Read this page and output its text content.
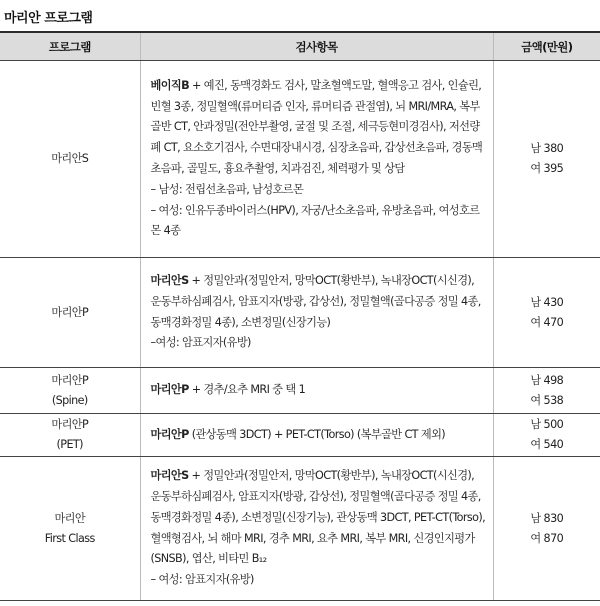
마리안 프로그램
프로그램	검사항목	금액(만원)

마리안S	베이직B + 예진, 동맥경화도 검사, 말초혈액도말, 혈액응고 검사, 인슐린, 빈혈 3종, 정밀혈액(류머티즘 인자, 류머티즘 관절염), 뇌 MRI/MRA, 복부골반 CT, 안과정밀(전안부촬영, 굴절 및 조절, 세극등현미경검사), 저선량 폐 CT, 요소호기검사, 수면대장내시경, 심장초음파, 갑상선초음파, 경동맥초음파, 골밀도, 흉요추촬영, 치과검진, 체력평가 및 상담
– 남성: 전립선초음파, 남성호르몬
– 여성: 인유두종바이러스(HPV), 자궁/난소초음파, 유방초음파, 여성호르몬 4종	남 380
여 395

마리안P	마리안S + 정밀안과(정밀안저, 망막OCT(황반부), 녹내장OCT(시신경), 운동부하심폐검사, 암표지자(방광, 갑상선), 정밀혈액(골다공증 정밀 4종, 동맥경화정밀 4종), 소변정밀(신장기능)
–여성: 암표지자(유방)	남 430
여 470

마리안P
(Spine)	마리안P + 경추/요추 MRI 중 택 1	남 498
여 538

마리안P
(PET)	마리안P (관상동맥 3DCT) + PET-CT(Torso) (복부골반 CT 제외)	남 500
여 540

마리안
First Class	마리안S + 정밀안과(정밀안저, 망막OCT(황반부), 녹내장OCT(시신경), 운동부하심폐검사, 암표지자(방광, 갑상선), 정밀혈액(골다공증 정밀 4종, 동맥경화정밀 4종), 소변정밀(신장기능), 관상동맥 3DCT, PET-CT(Torso), 혈액형검사, 뇌 해마 MRI, 경추 MRI, 요추 MRI, 복부 MRI, 신경인지평가(SNSB), 엽산, 비타민 B₁₂
– 여성: 암표지자(유방)	남 830
여 870
